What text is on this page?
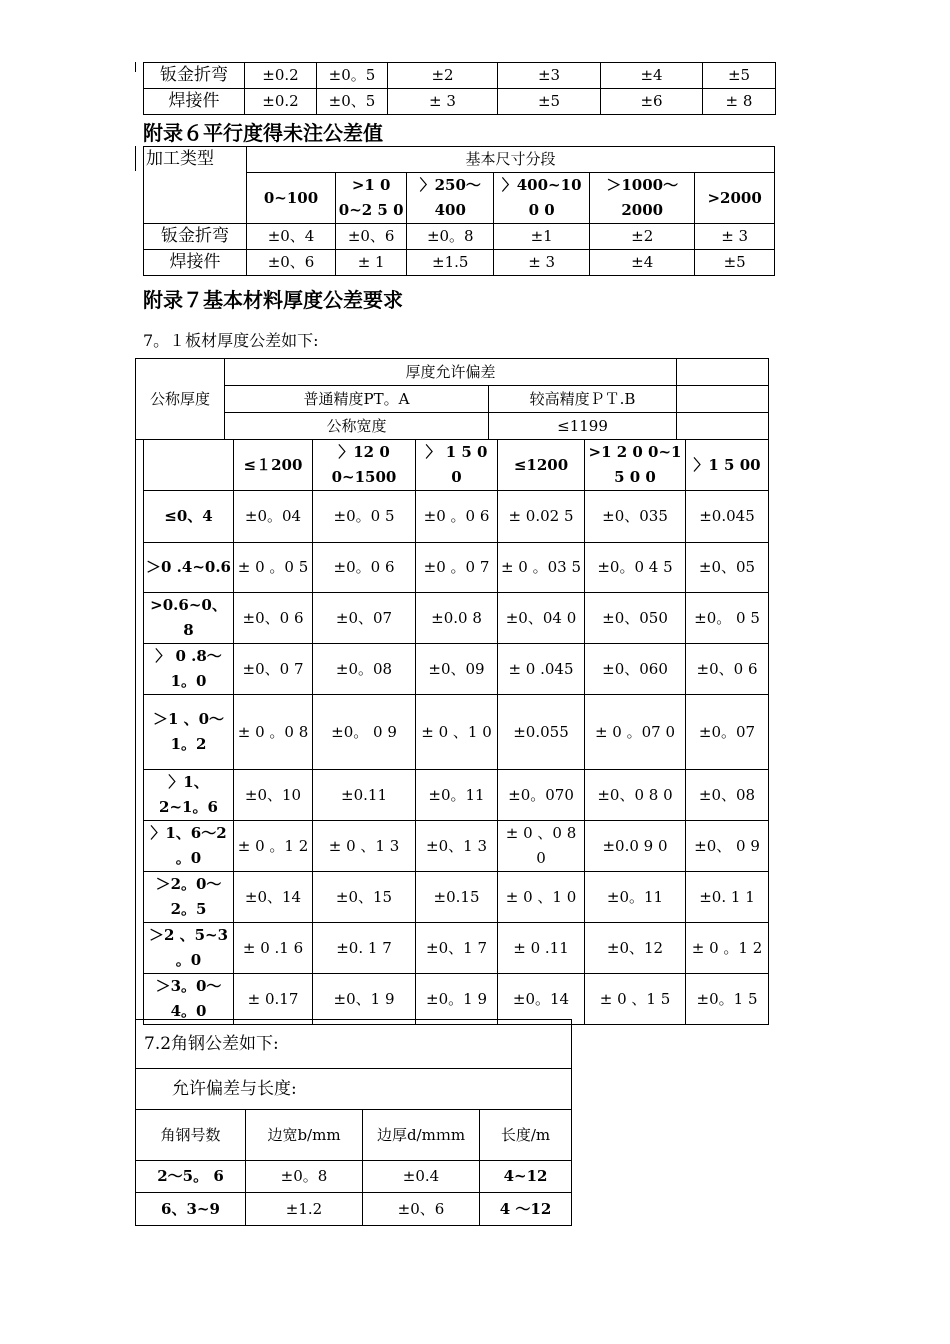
钣金折弯	±0.2	±0。5	±2	±3	±4	±5
焊接件	±0.2	±0、5	± 3	±5	±6	± 8
附录６平行度得未注公差值
加工类型	基本尺寸分段					
	0~100	>1 0 0~2 5 0	〉250～400	〉400~10 0 0	＞1000～2000	>2000
钣金折弯	±0、4	±0、6	±0。8	±1	±2	± 3
焊接件	±0、6	± 1	±1.5	± 3	±4	±5
附录７基本材料厚度公差要求
7。１板材厚度公差如下:
公称厚度	厚度允许偏差		
	普通精度PT。A	较高精度ＰＴ.B	
	公称宽度	≤1199	
	≤１200	〉12 0 0~1500	〉 1 5 0 0	≤1200	>1 2 0 0~1 5 0 0	〉1 5 00
≤0、4	±0。04	±0。0 5	±0 。0 6	± 0.02 5	±0、035	±0.045
＞0 .4~0.6	± 0 。0 5	±0。0 6	±0 。0 7	± 0 。03 5	±0。0 4 5	±0、05
>0.6~0、8	±0、0 6	±0、07	±0.0 8	±0、04 0	±0、050	±0。 0 5
〉 0 .8～1。0	±0、0 7	±0。08	±0、09	± 0 .045	±0、060	±0、0 6
＞1 、0～1。2	± 0 。0 8	±0。 0 9	± 0 、1 0	±0.055	± 0 。07 0	±0。07
〉1、2~1。6	±0、10	±0.11	±0。11	±0。070	±0、0 8 0	±0、08
〉1、6～2 。0	± 0 。1 2	± 0 、1 3	±0、1 3	± 0 、0 8 0	±0.0 9 0	±0、 0 9
＞2。0～2。5	±0、14	±0、15	±0.15	± 0 、1 0	±0。11	±0. 1 1
＞2 、5~3 。0	± 0 .1 6	±0. 1 7	±0、1 7	± 0 .11	±0、12	± 0 。1 2
＞3。0～4。0	± 0.17	±0、1 9	±0。1 9	±0。14	± 0 、1 5	±0。1 5
7.2角钢公差如下:			
允许偏差与长度:			
角钢号数	边宽b/mm	边厚d/mｍm	长度/m
2～5。 6	±0。8	±0.4	4~12
6、3~9	±1.2	±0、6	4 ～12
